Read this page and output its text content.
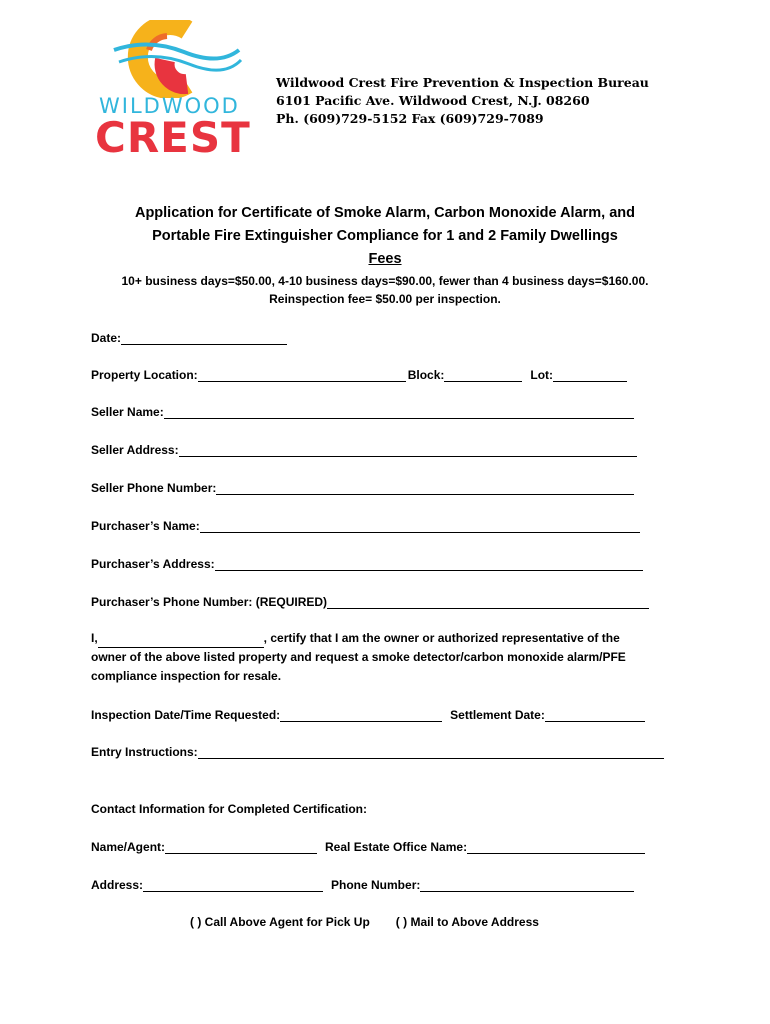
WILDWOOD
CREST
Wildwood Crest Fire Prevention & Inspection Bureau
6101 Pacific Ave. Wildwood Crest, N.J. 08260
Ph. (609)729-5152 Fax (609)729-7089
Application for Certificate of Smoke Alarm, Carbon Monoxide Alarm, and
Portable Fire Extinguisher Compliance for 1 and 2 Family Dwellings
Fees
10+ business days=$50.00, 4-10 business days=$90.00, fewer than 4 business days=$160.00.
Reinspection fee= $50.00 per inspection.
Date:
Property Location:	Block:	Lot:
Seller Name:
Seller Address:
Seller Phone Number:
Purchaser’s Name:
Purchaser’s Address:
Purchaser’s Phone Number: (REQUIRED)
I,	, certify that I am the owner or authorized representative of the
owner of the above listed property and request a smoke detector/carbon monoxide alarm/PFE
compliance inspection for resale.
Inspection Date/Time Requested:	Settlement Date:
Entry Instructions:
Contact Information for Completed Certification:
Name/Agent:	Real Estate Office Name:
Address:	Phone Number:
( ) Call Above Agent for Pick Up ( ) Mail to Above Address
